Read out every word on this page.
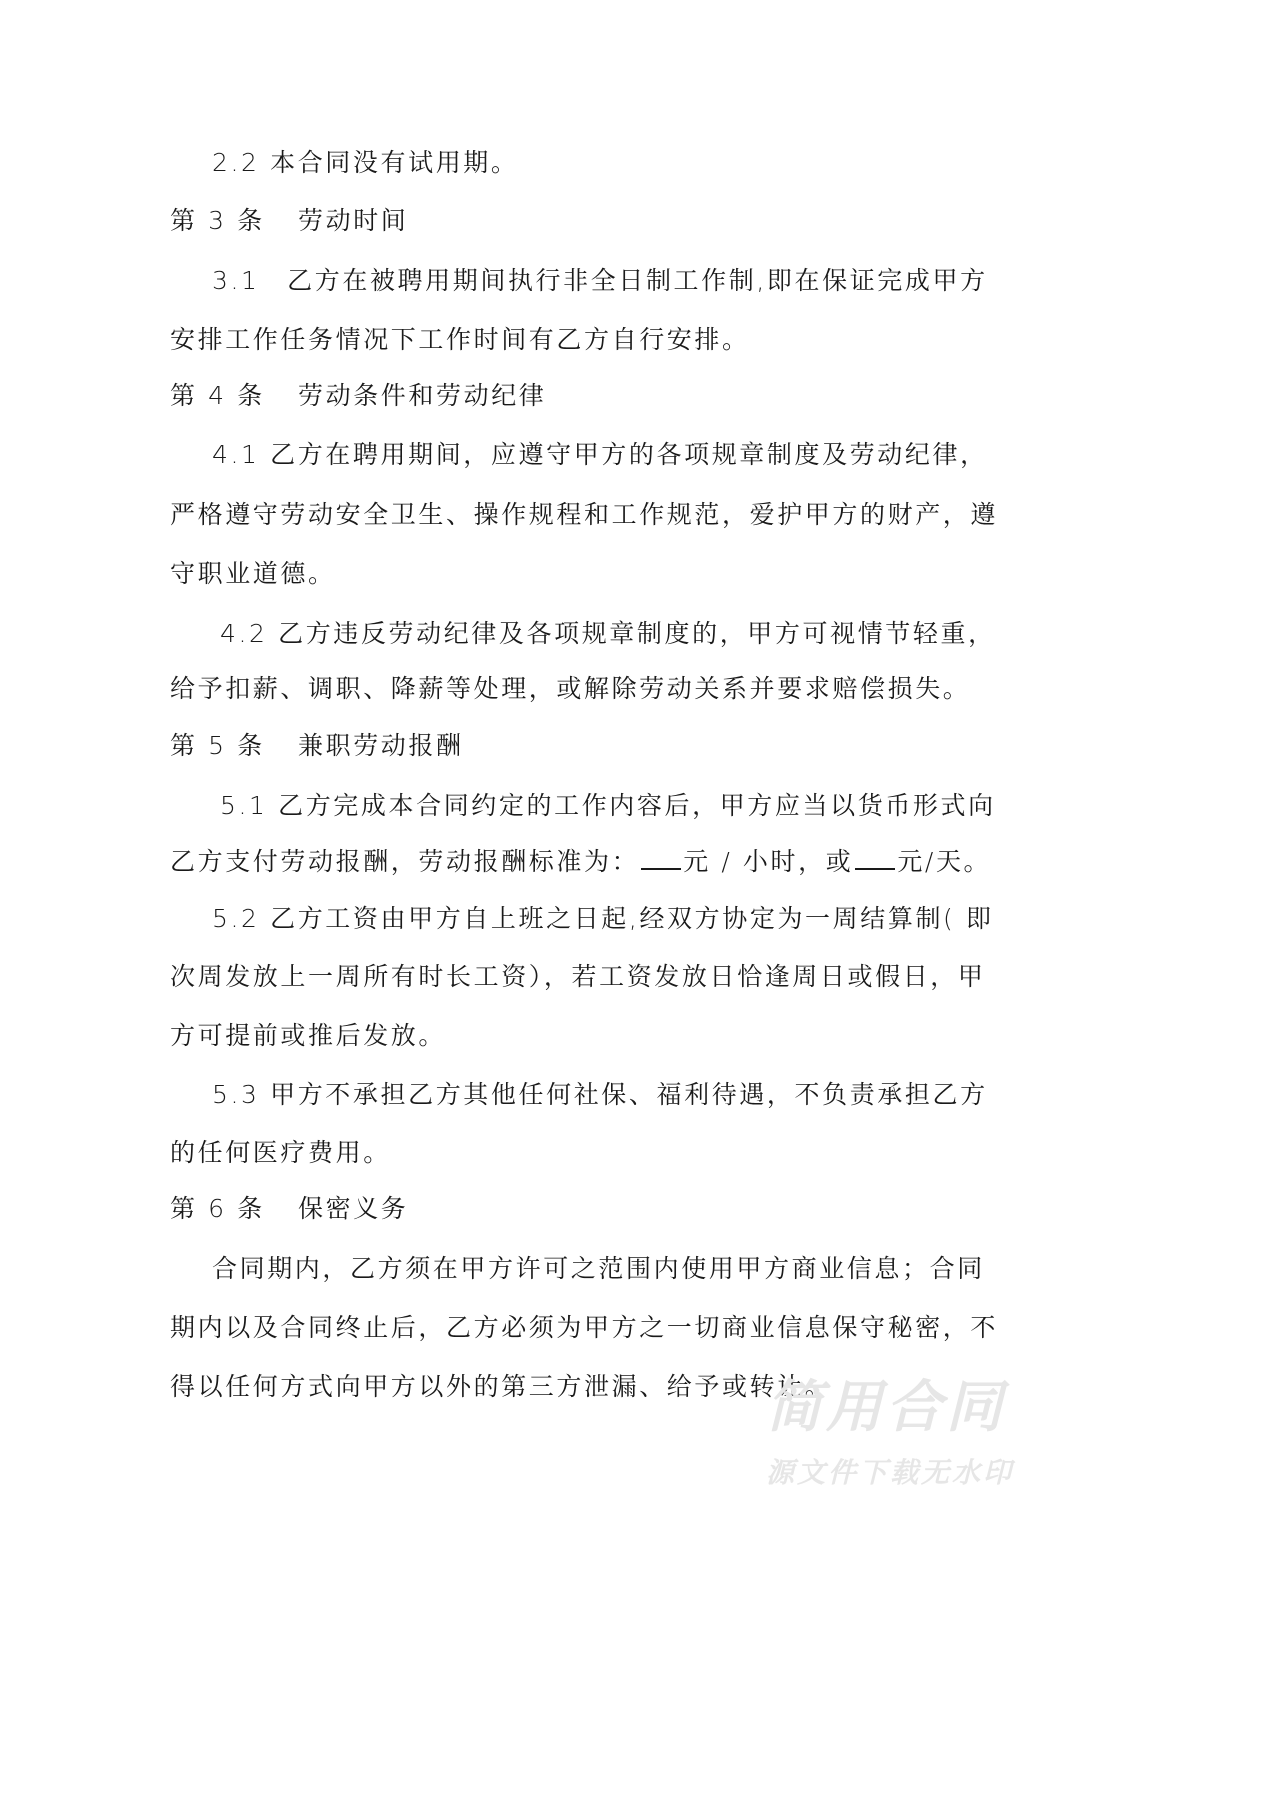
2.2 本合同没有试用期。
第 3 条 劳动时间
3.1　乙方在被聘用期间执行非全日制工作制,即在保证完成甲方
安排工作任务情况下工作时间有乙方自行安排。
第 4 条 劳动条件和劳动纪律
4.1 乙方在聘用期间，应遵守甲方的各项规章制度及劳动纪律，
严格遵守劳动安全卫生、操作规程和工作规范，爱护甲方的财产，遵
守职业道德。
4.2 乙方违反劳动纪律及各项规章制度的，甲方可视情节轻重，
给予扣薪、调职、降薪等处理，或解除劳动关系并要求赔偿损失。
第 5 条 兼职劳动报酬
5.1 乙方完成本合同约定的工作内容后，甲方应当以货币形式向
乙方支付劳动报酬，劳动报酬标准为： 元 / 小时，或 元/天。
5.2 乙方工资由甲方自上班之日起,经双方协定为一周结算制( 即
次周发放上一周所有时长工资），若工资发放日恰逢周日或假日，甲
方可提前或推后发放。
5.3 甲方不承担乙方其他任何社保、福利待遇，不负责承担乙方
的任何医疗费用。
第 6 条 保密义务
合同期内，乙方须在甲方许可之范围内使用甲方商业信息；合同
期内以及合同终止后，乙方必须为甲方之一切商业信息保守秘密，不
得以任何方式向甲方以外的第三方泄漏、给予或转让。
简用合同
源文件下载无水印
